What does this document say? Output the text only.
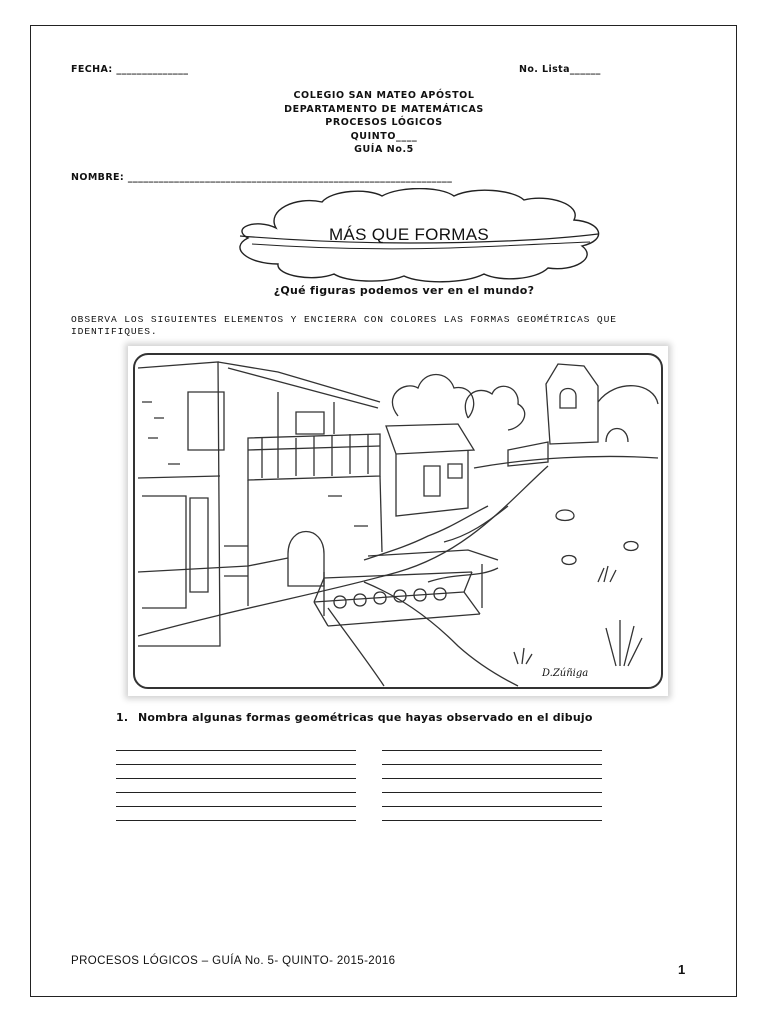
FECHA: ______________	No. Lista______
COLEGIO SAN MATEO APÓSTOL
DEPARTAMENTO DE MATEMÁTICAS
PROCESOS LÓGICOS
QUINTO____
GUÍA No.5
NOMBRE: _______________________________________________________________
MÁS QUE FORMAS
¿Qué figuras podemos ver en el mundo?
OBSERVA LOS SIGUIENTES ELEMENTOS Y ENCIERRA CON COLORES LAS FORMAS GEOMÉTRICAS QUE IDENTIFIQUES.
D.Zúñiga
1. Nombra algunas formas geométricas que hayas observado en el dibujo
PROCESOS LÓGICOS – GUÍA No. 5- QUINTO- 2015-2016
1
